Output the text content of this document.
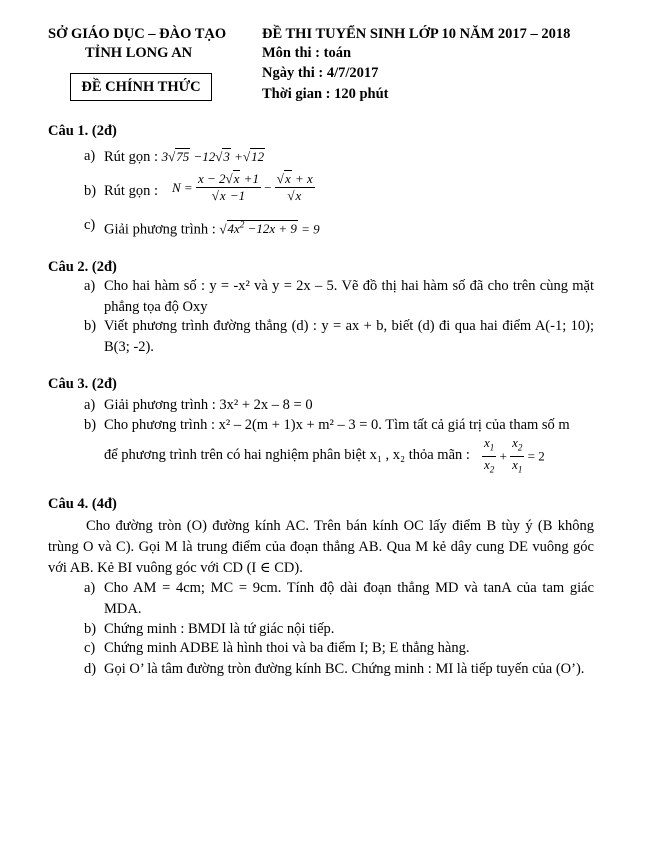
SỞ GIÁO DỤC – ĐÀO TẠO
TỈNH LONG AN
ĐỀ CHÍNH THỨC
ĐỀ THI TUYỂN SINH LỚP 10 NĂM 2017 – 2018
Môn thi : toán
Ngày thi : 4/7/2017
Thời gian : 120 phút
Câu 1. (2đ)
a) Rút gọn : 3√75 −12√3 +√12
b) Rút gọn :	$N = \frac{x - 2√x +1}{√x -1} - \frac{√x + x}{√x}$
c) Giải phương trình : $√4x^2 -12x + 9 = 9$
Câu 2. (2đ)
a) Cho hai hàm số : y = -x² và y = 2x – 5. Vẽ đồ thị hai hàm số đã cho trên cùng mặt phẳng tọa độ Oxy
b) Viết phương trình đường thẳng (d) : y = ax + b, biết (d) đi qua hai điểm A(-1; 10); B(3; -2).
Câu 3. (2đ)
a) Giải phương trình : 3x² + 2x – 8 = 0
b) Cho phương trình : x² – 2(m + 1)x + m² – 3 = 0. Tìm tất cả giá trị của tham số m
để phương trình trên có hai nghiệm phân biệt x₁ , x₂ thỏa mãn : $\frac{x_1}{x_2} + \frac{x_2}{x_1} = 2$
Câu 4. (4đ)
Cho đường tròn (O) đường kính AC. Trên bán kính OC lấy điểm B tùy ý (B không trùng O và C). Gọi M là trung điểm của đoạn thẳng AB. Qua M kẻ dây cung DE vuông góc với AB. Kẻ BI vuông góc với CD (I ∈ CD).
a) Cho AM = 4cm; MC = 9cm. Tính độ dài đoạn thẳng MD và tanA của tam giác MDA.
b) Chứng minh : BMDI là tứ giác nội tiếp.
c) Chứng minh ADBE là hình thoi và ba điểm I; B; E thẳng hàng.
d) Gọi O’ là tâm đường tròn đường kính BC. Chứng minh : MI là tiếp tuyến của (O’).
